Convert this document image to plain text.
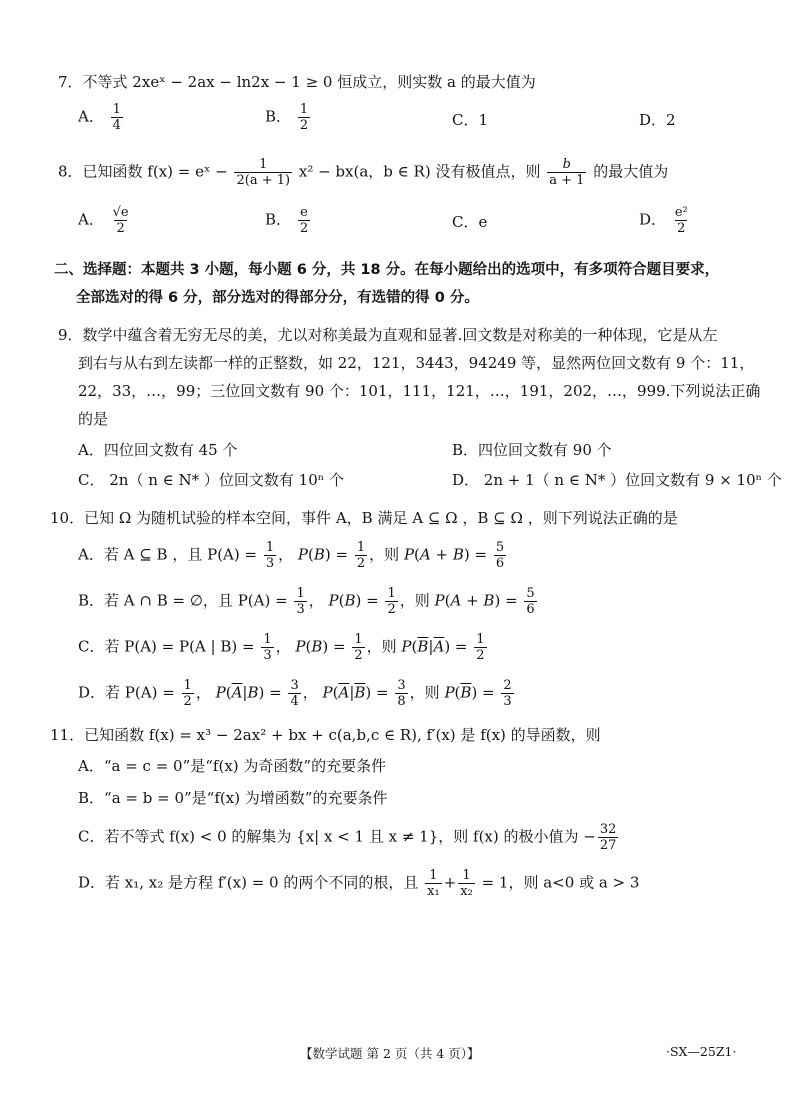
7．不等式 2xeˣ − 2ax − ln2x − 1 ≥ 0 恒成立，则实数 a 的最大值为
A． $\frac{1}{4}$	B． $\frac{1}{2}$	C．1	D．2
8．已知函数 f(x) = eˣ − $\frac{1}{2(a + 1)} x^2 - bx(a$，b ∈ R) 没有极值点，则 $\frac{b}{a + 1}$ 的最大值为
A． $\frac{√e}{2}$	B． $\frac{e}{2}$	C．e	D． $\frac{\text{e²}}{2}$
二、选择题：本题共 3 小题，每小题 6 分，共 18 分。在每小题给出的选项中，有多项符合题目要求，
全部选对的得 6 分，部分选对的得部分分，有选错的得 0 分。
9．数学中蕴含着无穷无尽的美，尤以对称美最为直观和显著.回文数是对称美的一种体现，它是从左
到右与从右到左读都一样的正整数，如 22，121，3443，94249 等，显然两位回文数有 9 个：11，
22，33，…，99；三位回文数有 90 个：101，111，121，…，191，202，…，999.下列说法正确
的是
A．四位回文数有 45 个	B．四位回文数有 90 个
C． 2n（ n ∈ N* ）位回文数有 10ⁿ 个	D． 2n + 1（ n ∈ N* ）位回文数有 9 × 10ⁿ 个
10．已知 Ω 为随机试验的样本空间，事件 A，B 满足 A ⊆ Ω ，B ⊆ Ω ，则下列说法正确的是
A．若 A ⊆ B ，且 $P(A) = \frac{1}{3}$ ， $P(B) = \frac{1}{2}$ ，则 $P(A + B) = \frac{5}{6}$
B．若 A ∩ B = ∅，且 $P(A) = \frac{1}{3}$ ， $P(B) = \frac{1}{2}$ ，则 $P(A + B) = \frac{5}{6}$
C．若 P(A) = P(A | $B) = \frac{1}{3}$ ， $P(B) = \frac{1}{2}$ ，则 $P(\overline{B}|\overline{A}) = \frac{1}{2}$
D．若 $P(A) = \frac{1}{2}$ ， $P(\overline{A}|B) = \frac{3}{4}$ ， $P(\overline{A}|\overline{B}) = \frac{3}{8}$ ，则 $P(\overline{B}) = \frac{2}{3}$
11．已知函数 f(x) = x³ − 2ax² + bx + c(a,b,c ∈ R), f′(x) 是 f(x) 的导函数，则
A．“a = c = 0”是“f(x) 为奇函数”的充要条件
B．“a = b = 0”是“f(x) 为增函数”的充要条件
C．若不等式 f(x) < 0 的解集为 {x| x < 1 且 x ≠ 1}，则 f(x) 的极小值为 − $\frac{32}{27}$
D．若 x₁, x₂ 是方程 f′(x) = 0 的两个不同的根，且 $\frac{1}{\text{x₁}} + \frac{1}{\text{x₂}} = 1$，则 a<0 或 a > 3
【数学试题 第 2 页（共 4 页）】	·SX—25Z1·
